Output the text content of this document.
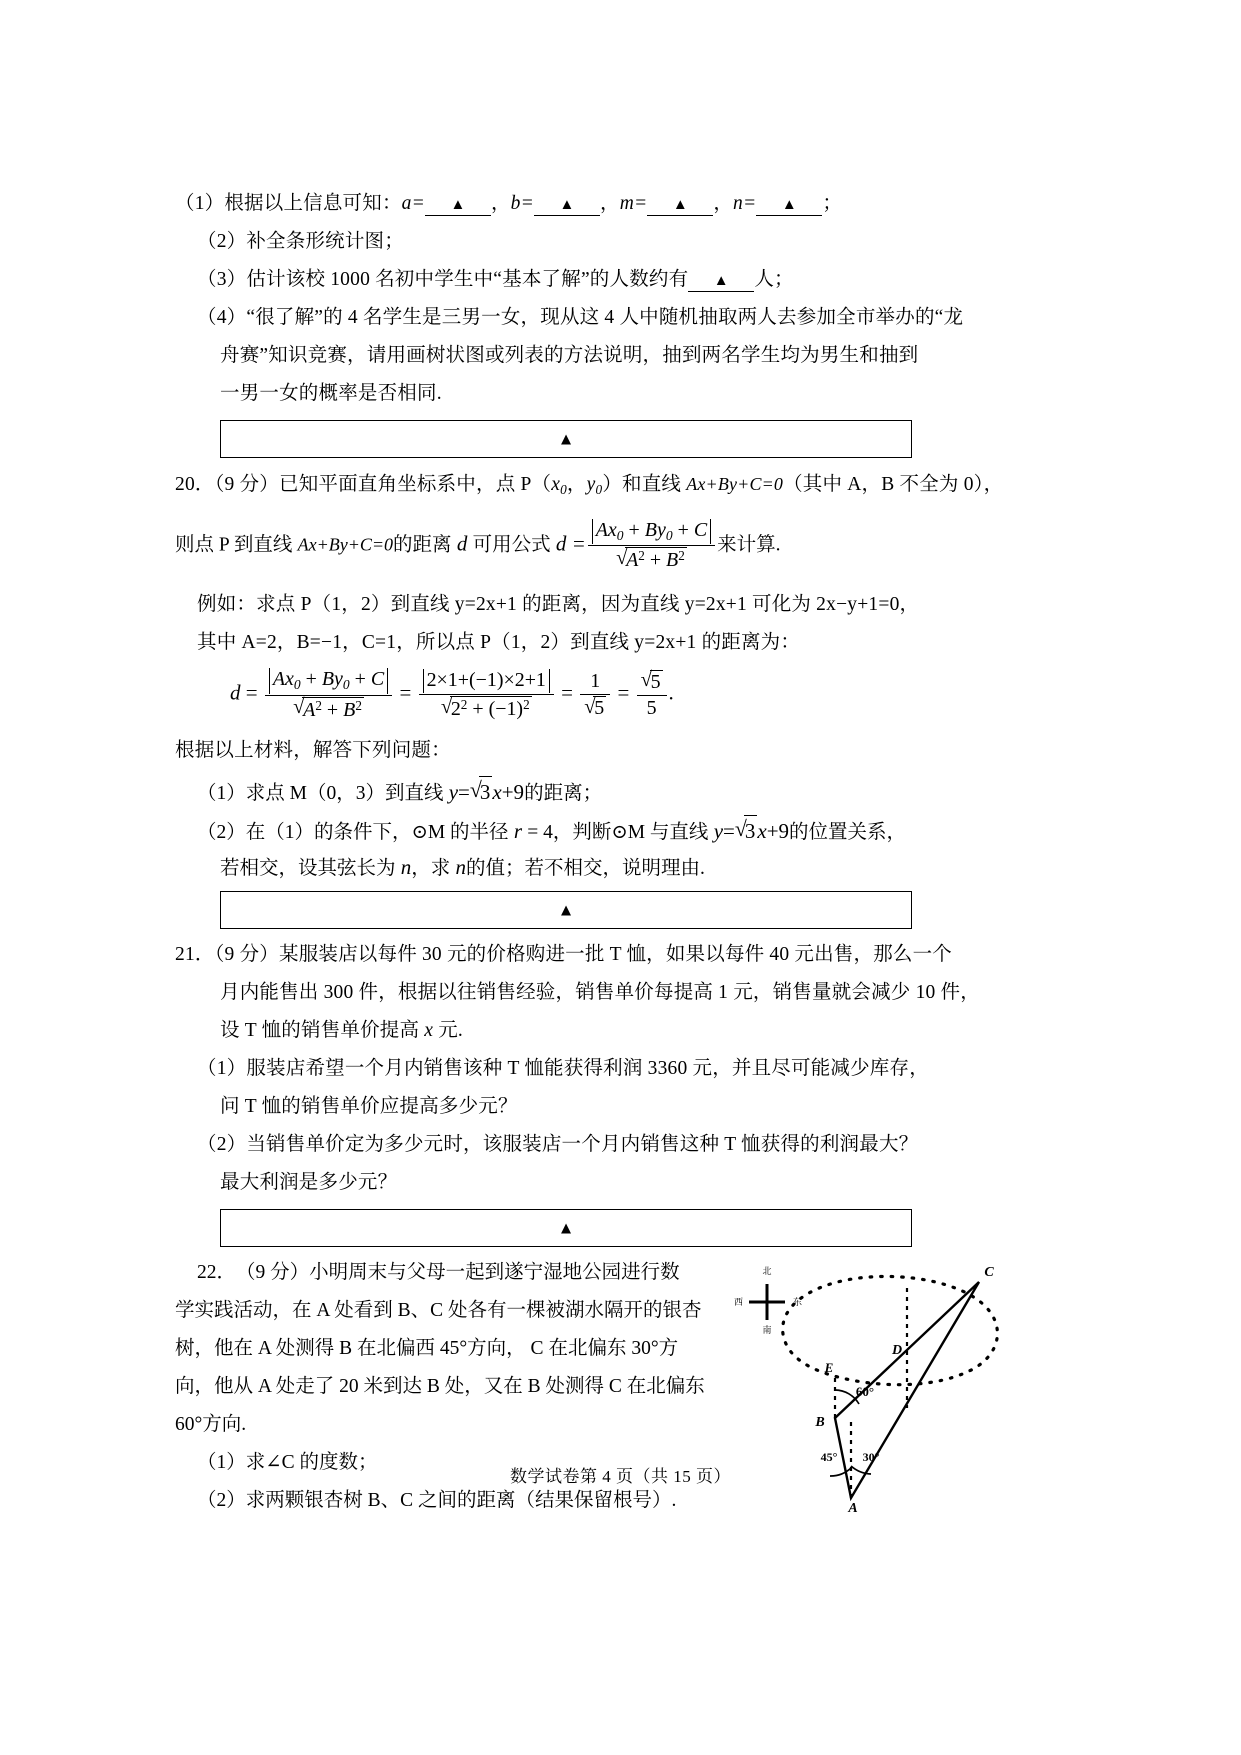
（1）根据以上信息可知：a= ▲ ，b= ▲ ，m= ▲ ，n= ▲ ；
（2）补全条形统计图；
（3）估计该校 1000 名初中学生中“基本了解”的人数约有 ▲ 人；
（4）“很了解”的 4 名学生是三男一女，现从这 4 人中随机抽取两人去参加全市举办的“龙
舟赛”知识竞赛，请用画树状图或列表的方法说明，抽到两名学生均为男生和抽到
一男一女的概率是否相同.
▲
20．（9 分）已知平面直角坐标系中，点 $P(x_0$，$y_0$）和直线 Ax+By+C=0（其中 A，B 不全为 0），
则点 P 到直线 Ax+By+C=0的距离 d 可用公式 $d = Ax_0 + By_0 + C$
√ $A^2 + B^2$ 来计算.
例如：求点 P（1，2）到直线 y=2x+1 的距离，因为直线 y=2x+1 可化为 2x−y+1=0，
其中 A=2，B=−1，C=1，所以点 P（1，2）到直线 y=2x+1 的距离为：
$d = Ax_0 + By_0 + C$
√ $A^2 + B^2 = 2\times 1+(-1)\times 2+1$
√ $2^2 + (-1)^2 = 1$
√ 5 = √ $\frac{5}{5}$ .
根据以上材料，解答下列问题：
（1）求点 M（0，3）到直线 y= √ 3x+9的距离；
（2）在（1）的条件下，⊙M 的半径 r = 4，判断⊙M 与直线 y= √ 3x+9的位置关系，
若相交，设其弦长为 n，求 n的值；若不相交，说明理由.
▲
21．（9 分）某服装店以每件 30 元的价格购进一批 T 恤，如果以每件 40 元出售，那么一个
月内能售出 300 件，根据以往销售经验，销售单价每提高 1 元，销售量就会减少 10 件，
设 T 恤的销售单价提高 x 元.
（1）服装店希望一个月内销售该种 T 恤能获得利润 3360 元，并且尽可能减少库存，
问 T 恤的销售单价应提高多少元？
（2）当销售单价定为多少元时，该服装店一个月内销售这种 T 恤获得的利润最大？
最大利润是多少元？
▲
22．　（9 分）小明周末与父母一起到遂宁湿地公园进行数
学实践活动，在 A 处看到 B、C 处各有一棵被湖水隔开的银杏
树，他在 A 处测得 B 在北偏西 45°方向， C 在北偏东 30°方
向，他从 A 处走了 20 米到达 B 处，又在 B 处测得 C 在北偏东
60°方向.
（1）求∠C 的度数；
（2）求两颗银杏树 B、C 之间的距离（结果保留根号）.
北
南
东
西
C
B
A
D
E
60°
45° 30°
数学试卷第 4 页（共 15 页）
